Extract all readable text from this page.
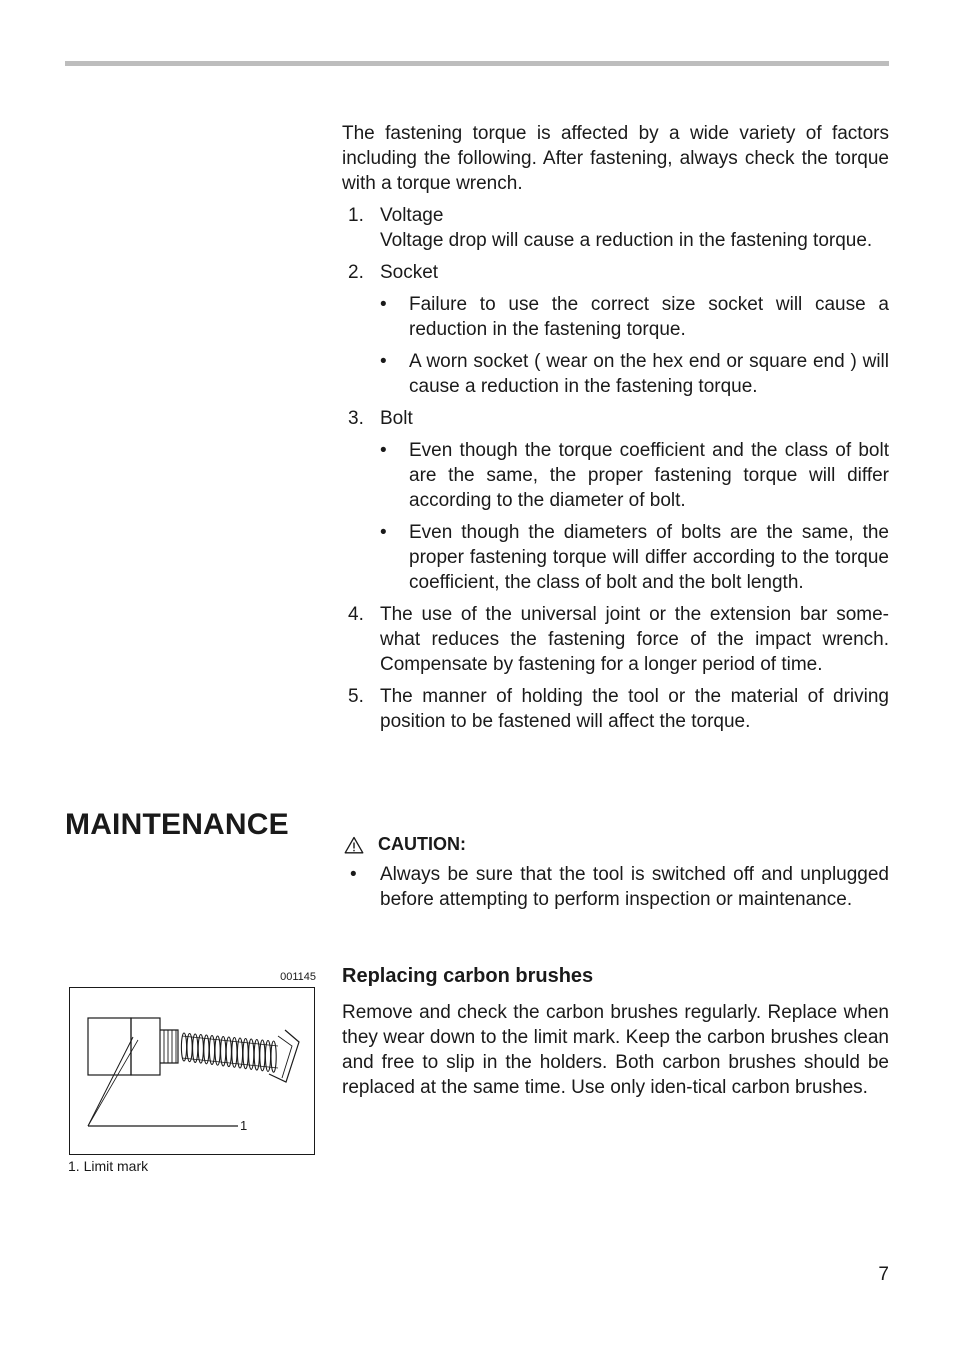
The fastening torque is affected by a wide variety of factors including the following. After fastening, always check the torque with a torque wrench.

1. Voltage
Voltage drop will cause a reduction in the fastening torque.
2. Socket
• Failure to use the correct size socket will cause a reduction in the fastening torque.
• A worn socket ( wear on the hex end or square end ) will cause a reduction in the fastening torque.
3. Bolt
• Even though the torque coefficient and the class of bolt are the same, the proper fastening torque will differ according to the diameter of bolt.
• Even though the diameters of bolts are the same, the proper fastening torque will differ according to the torque coefficient, the class of bolt and the bolt length.
4. The use of the universal joint or the extension bar some-what reduces the fastening force of the impact wrench. Compensate by fastening for a longer period of time.
5. The manner of holding the tool or the material of driving position to be fastened will affect the torque.
MAINTENANCE
CAUTION:
• Always be sure that the tool is switched off and unplugged before attempting to perform inspection or maintenance.
Replacing carbon brushes

Remove and check the carbon brushes regularly. Replace when they wear down to the limit mark. Keep the carbon brushes clean and free to slip in the holders. Both carbon brushes should be replaced at the same time. Use only iden-tical carbon brushes.

001145
1
1. Limit mark
7
